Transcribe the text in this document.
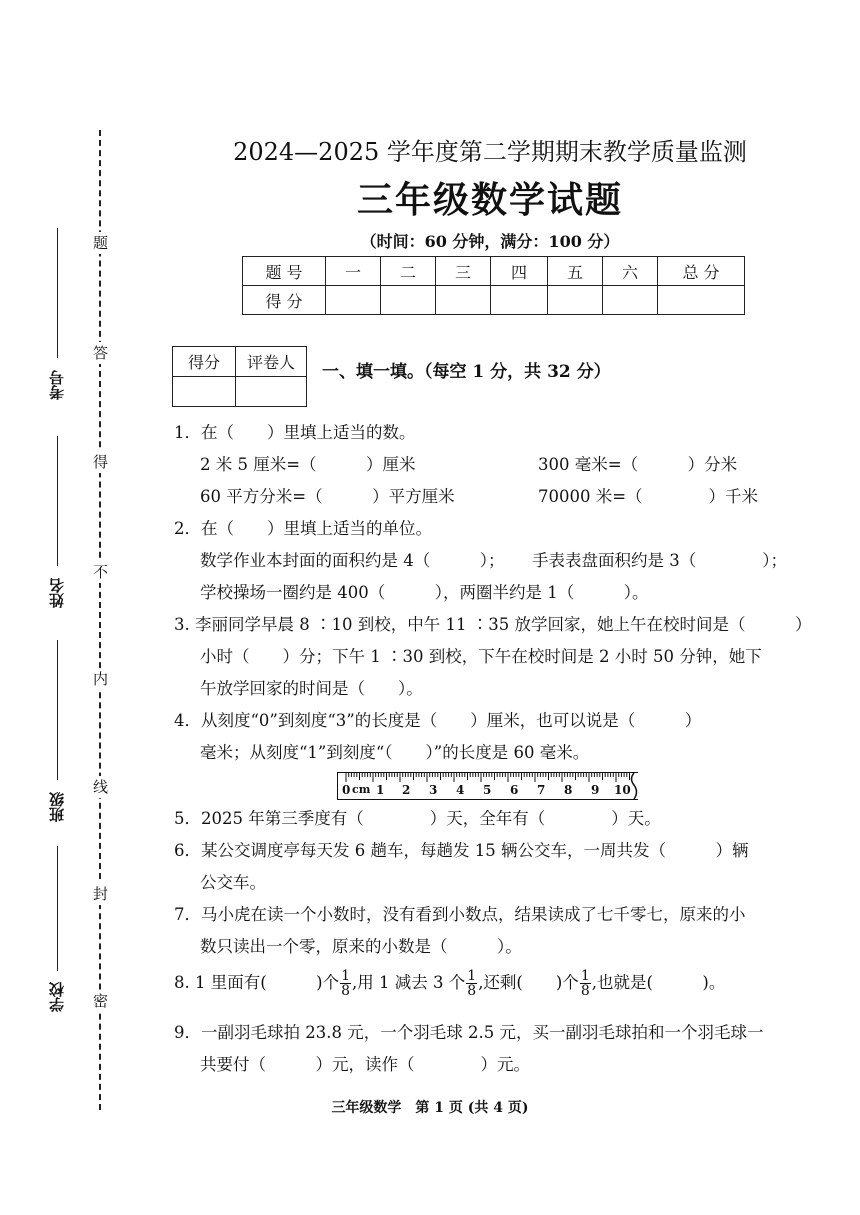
题
答
得
不
内
线
封
密
考号
姓名
班级
学校
2024—2025 学年度第二学期期末教学质量监测
三年级数学试题
（时间：60 分钟，满分：100 分）
题 号	一	二	三	四	五	六	总 分
得 分							
得分	评卷人
	一、填一填。（每空 1 分，共 32 分）
1．在（　　）里填上适当的数。
2 米 5 厘米=（　　　）厘米	300 毫米=（　　　）分米
60 平方分米=（　　　）平方厘米	70000 米=（　　　　）千米
2．在（　　）里填上适当的单位。
数学作业本封面的面积约是 4（　　　）； 手表表盘面积约是 3（　　　　）；
学校操场一圈约是 400（　　　），两圈半约是 1（　　　）。
3. 李丽同学早晨 8 ∶10 到校，中午 11 ∶35 放学回家，她上午在校时间是（　　　）
小时（　　）分；下午 1 ∶30 到校，下午在校时间是 2 小时 50 分钟，她下
午放学回家的时间是（　　）。
4．从刻度“0”到刻度“3”的长度是（　　）厘米，也可以说是（　　　）
毫米；从刻度“1”到刻度“（　　）”的长度是 60 毫米。
0 cm 1 2 3 4 5 6 7 8 9 10
5．2025 年第三季度有（　　　　）天，全年有（　　　　）天。
6．某公交调度亭每天发 6 趟车，每趟发 15 辆公交车，一周共发（　　　）辆
公交车。
7．马小虎在读一个小数时，没有看到小数点，结果读成了七千零七，原来的小
数只读出一个零，原来的小数是（　　　）。
8. 1 里面有(　　　)个 $\frac{1}{8}$ ,用 1 减去 3 个 $\frac{1}{8}$ ,还剩(　　)个 $\frac{1}{8}$ ,也就是(　　　)。
9．一副羽毛球拍 23.8 元，一个羽毛球 2.5 元，买一副羽毛球拍和一个羽毛球一
共要付（　　　）元，读作（　　　　）元。
三年级数学　第 1 页 (共 4 页)
